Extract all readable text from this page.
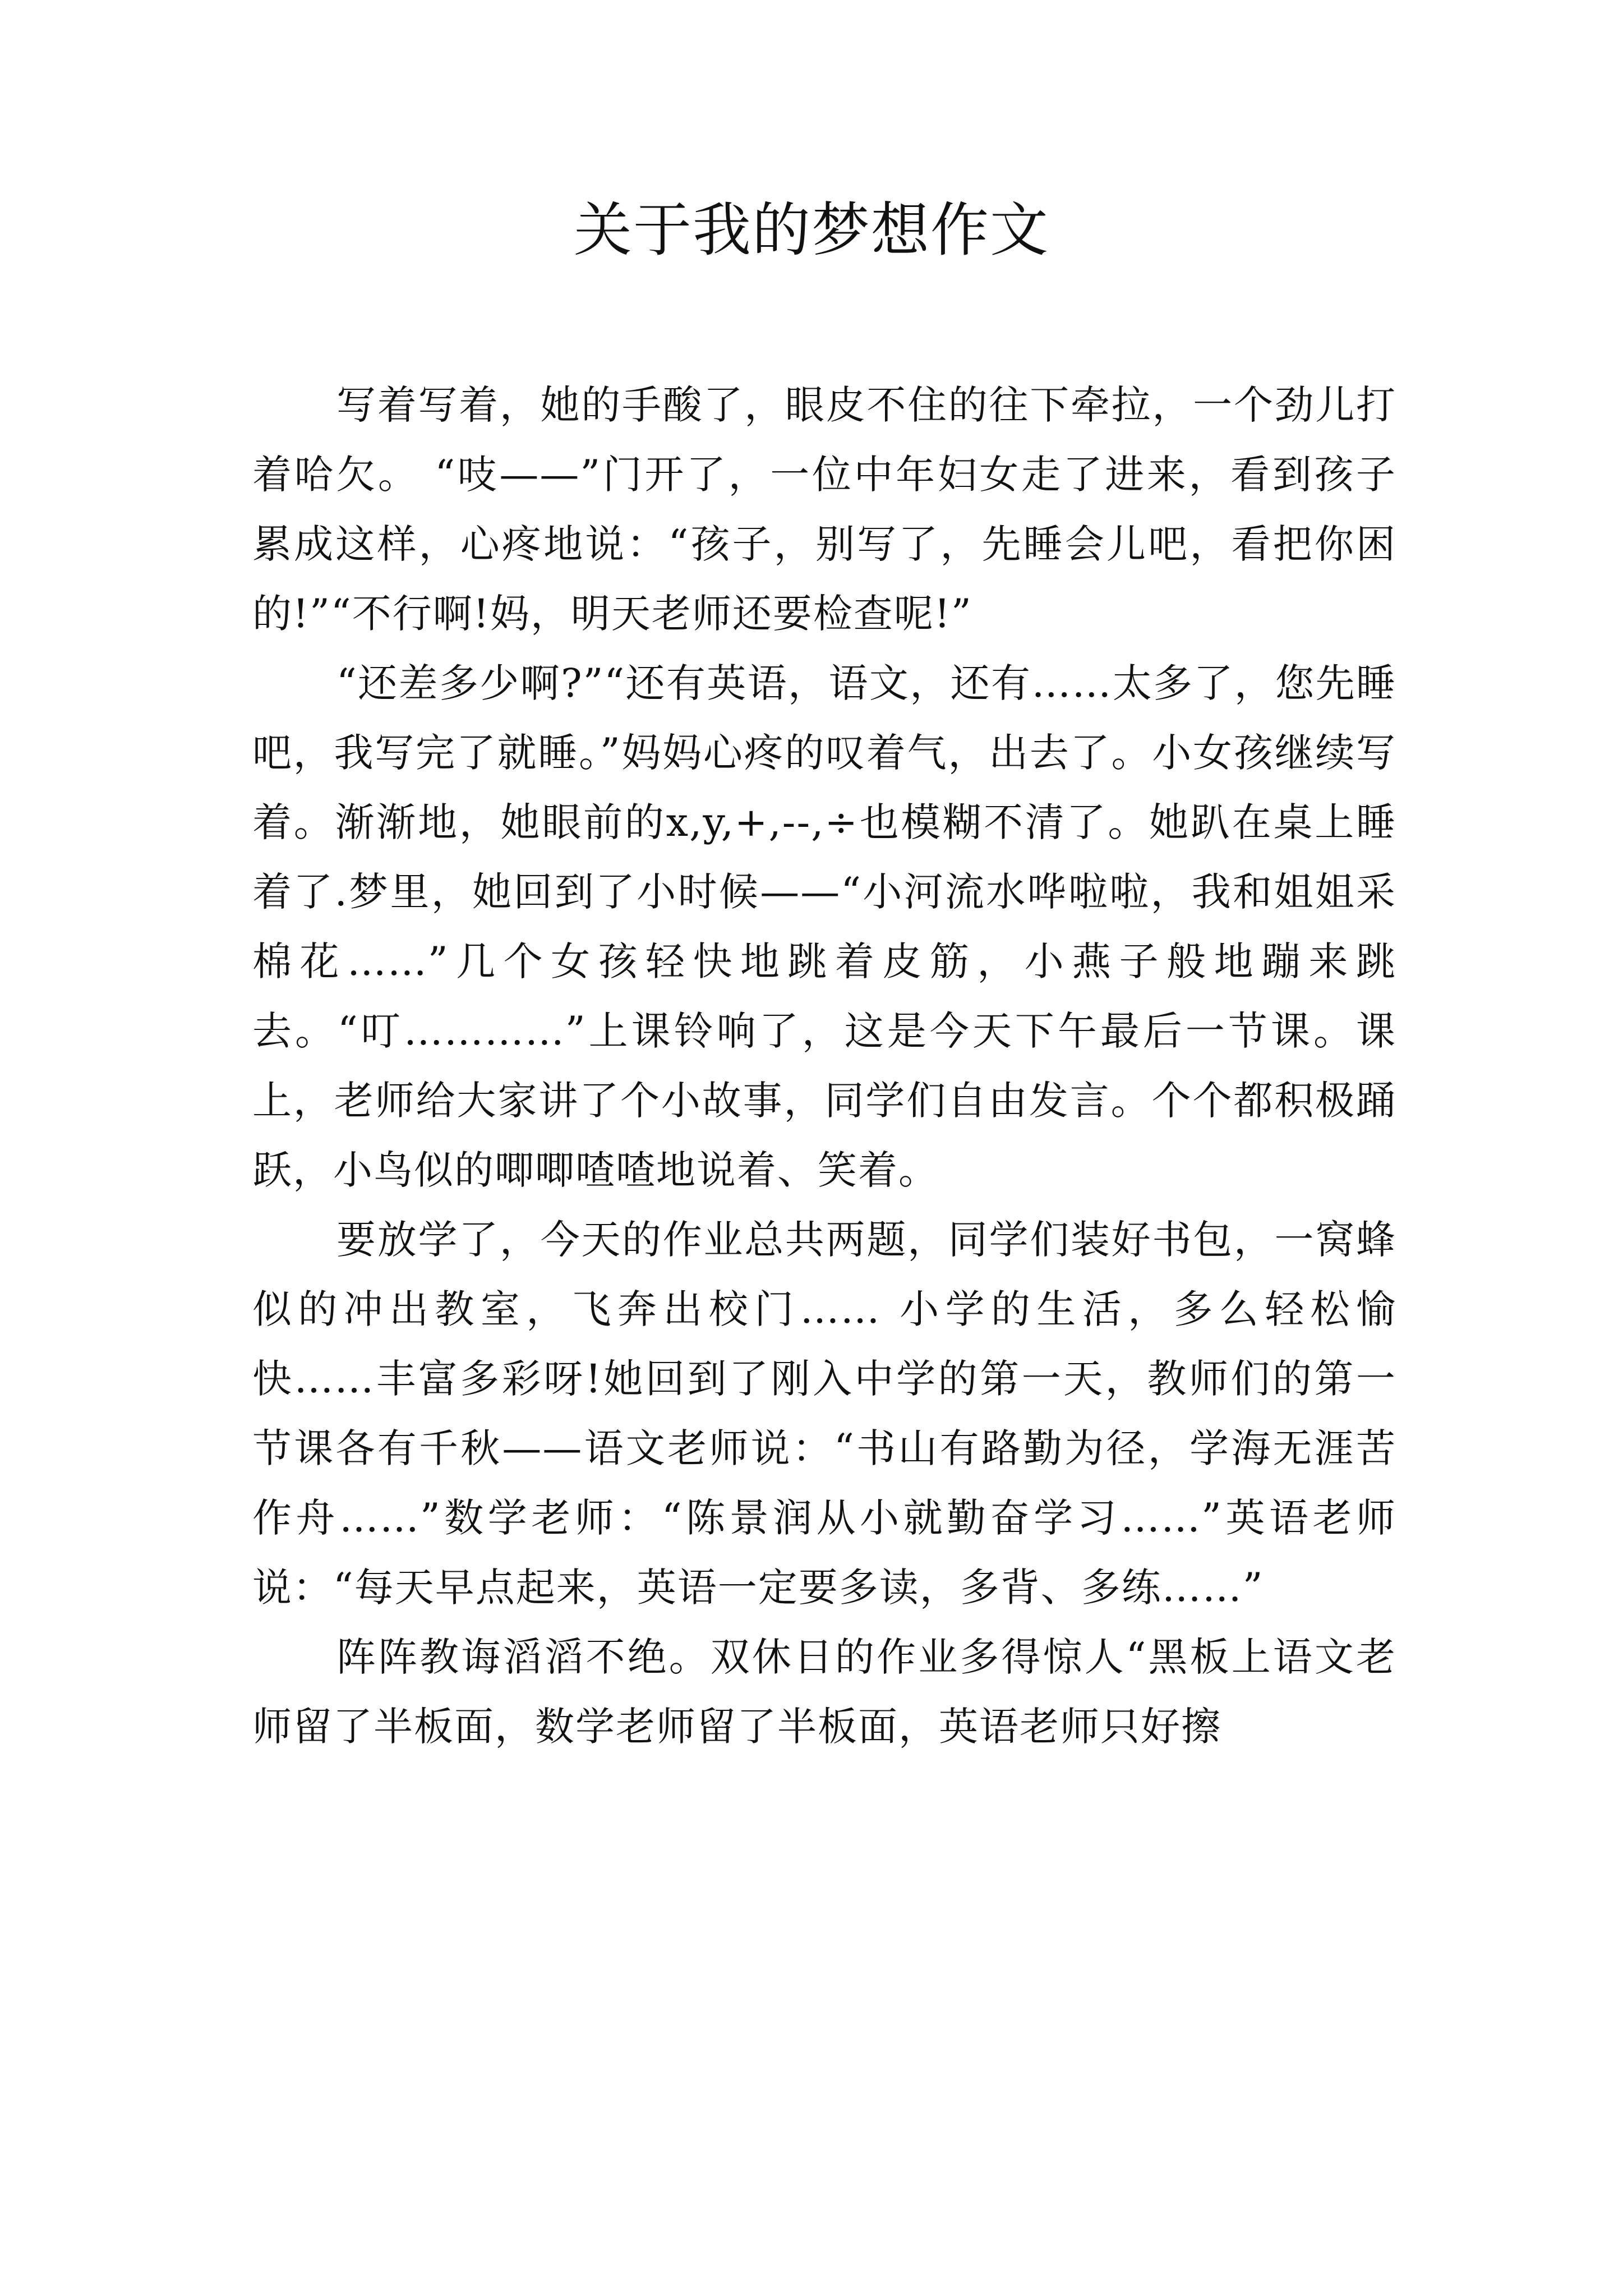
关于我的梦想作文

写着写着，她的手酸了，眼皮不住的往下牵拉，一个劲儿打着哈欠。 “吱——”门开了，一位中年妇女走了进来，看到孩子累成这样，心疼地说：“孩子，别写了，先睡会儿吧，看把你困的!”“不行啊!妈，明天老师还要检查呢!”

“还差多少啊?”“还有英语，语文，还有……太多了，您先睡吧，我写完了就睡。”妈妈心疼的叹着气，出去了。小女孩继续写着。渐渐地，她眼前的x,y,+,--,÷也模糊不清了。她趴在桌上睡着了.梦里，她回到了小时候——“小河流水哗啦啦，我和姐姐采棉花……”几个女孩轻快地跳着皮筋，小燕子般地蹦来跳去。“叮…………”上课铃响了，这是今天下午最后一节课。课上，老师给大家讲了个小故事，同学们自由发言。个个都积极踊跃，小鸟似的唧唧喳喳地说着、笑着。

要放学了，今天的作业总共两题，同学们装好书包，一窝蜂似的冲出教室，飞奔出校门…… 小学的生活，多么轻松愉快……丰富多彩呀!她回到了刚入中学的第一天，教师们的第一节课各有千秋——语文老师说：“书山有路勤为径，学海无涯苦作舟……”数学老师：“陈景润从小就勤奋学习……”英语老师说：“每天早点起来，英语一定要多读，多背、多练……”

阵阵教诲滔滔不绝。双休日的作业多得惊人“黑板上语文老师留了半板面，数学老师留了半板面，英语老师只好擦
